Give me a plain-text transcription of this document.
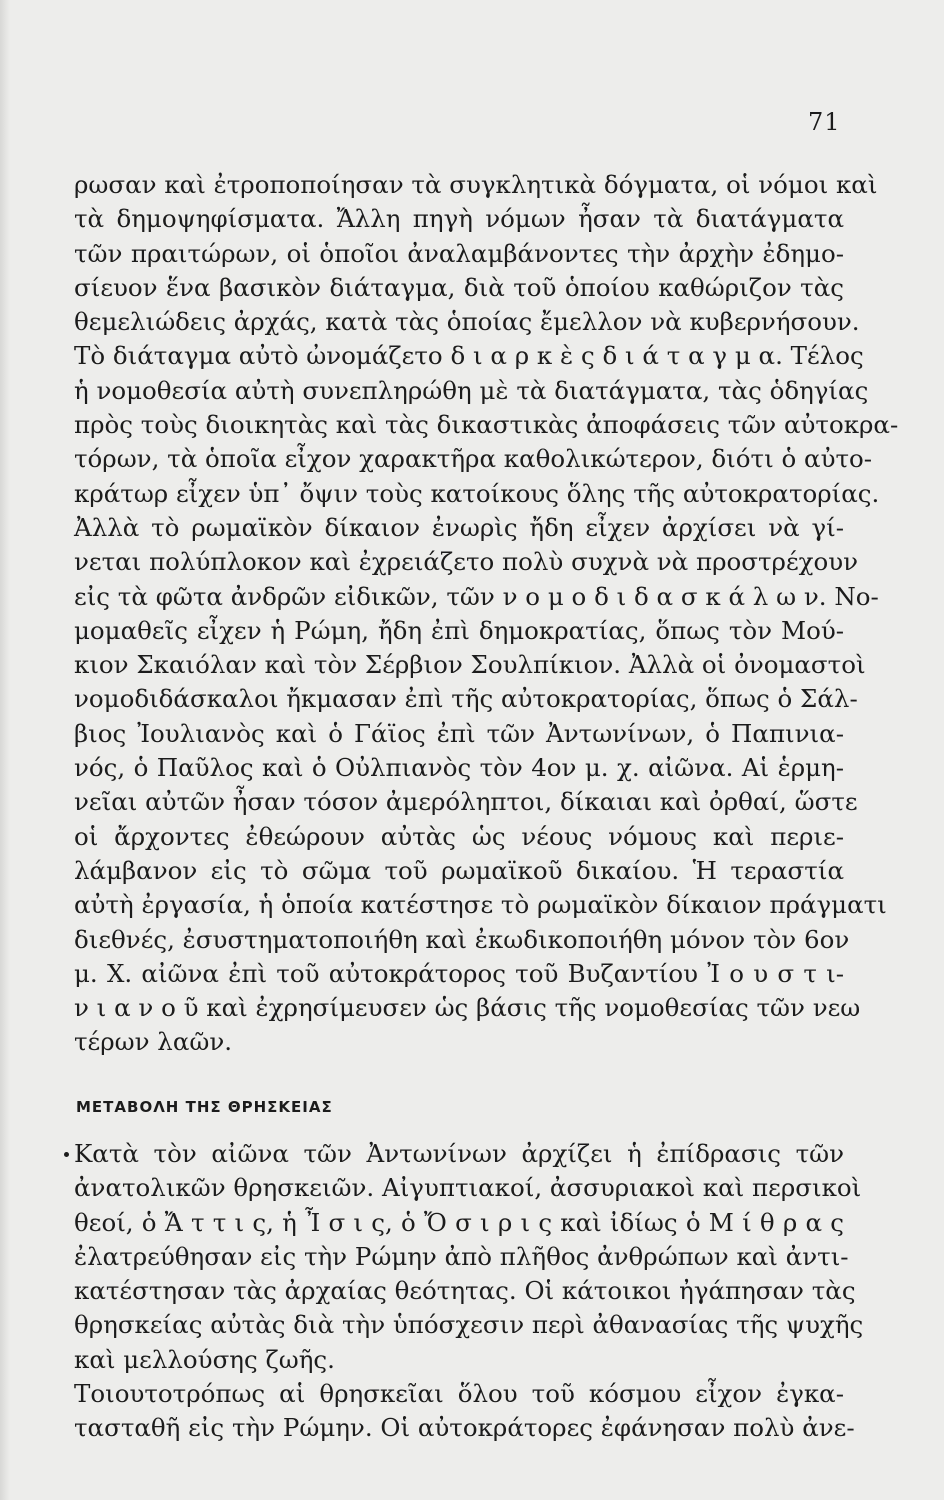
71
ρωσαν καὶ ἐτροποποίησαν τὰ συγκλητικὰ δόγματα, οἱ νόμοι καὶ
τὰ δημοψηφίσματα. Ἄλλη πηγὴ νόμων ἦσαν τὰ διατάγματα
τῶν πραιτώρων, οἱ ὁποῖοι ἀναλαμβάνοντες τὴν ἀρχὴν ἐδημο-
σίευον ἕνα βασικὸν διάταγμα, διὰ τοῦ ὁποίου καθώριζον τὰς
θεμελιώδεις ἀρχάς, κατὰ τὰς ὁποίας ἔμελλον νὰ κυβερνήσουν.
Τὸ διάταγμα αὐτὸ ὠνομάζετο δ ι α ρ κ ὲ ς δ ι ά τ α γ μ α. Τέλος
ἡ νομοθεσία αὐτὴ συνεπληρώθη μὲ τὰ διατάγματα, τὰς ὁδηγίας
πρὸς τοὺς διοικητὰς καὶ τὰς δικαστικὰς ἀποφάσεις τῶν αὐτοκρα-
τόρων, τὰ ὁποῖα εἶχον χαρακτῆρα καθολικώτερον, διότι ὁ αὐτο-
κράτωρ εἶχεν ὑπ᾿ ὄψιν τοὺς κατοίκους ὅλης τῆς αὐτοκρατορίας.
Ἀλλὰ τὸ ρωμαϊκὸν δίκαιον ἐνωρὶς ἤδη εἶχεν ἀρχίσει νὰ γί-
νεται πολύπλοκον καὶ ἐχρειάζετο πολὺ συχνὰ νὰ προστρέχουν
εἰς τὰ φῶτα ἀνδρῶν εἰδικῶν, τῶν ν ο μ ο δ ι δ α σ κ ά λ ω ν. Νο-
μομαθεῖς εἶχεν ἡ Ρώμη, ἤδη ἐπὶ δημοκρατίας, ὅπως τὸν Μού-
κιον Σκαιόλαν καὶ τὸν Σέρβιον Σουλπίκιον. Ἀλλὰ οἱ ὀνομαστοὶ
νομοδιδάσκαλοι ἤκμασαν ἐπὶ τῆς αὐτοκρατορίας, ὅπως ὁ Σάλ-
βιος Ἰουλιανὸς καὶ ὁ Γάϊος ἐπὶ τῶν Ἀντωνίνων, ὁ Παπινια-
νός, ὁ Παῦλος καὶ ὁ Οὐλπιανὸς τὸν 4ον μ. χ. αἰῶνα. Αἱ ἑρμη-
νεῖαι αὐτῶν ἦσαν τόσον ἀμερόληπτοι, δίκαιαι καὶ ὀρθαί, ὥστε
οἱ ἄρχοντες ἐθεώρουν αὐτὰς ὡς νέους νόμους καὶ περιε-
λάμβανον εἰς τὸ σῶμα τοῦ ρωμαϊκοῦ δικαίου. Ἡ τεραστία
αὐτὴ ἐργασία, ἡ ὁποία κατέστησε τὸ ρωμαϊκὸν δίκαιον πράγματι
διεθνές, ἐσυστηματοποιήθη καὶ ἐκωδικοποιήθη μόνον τὸν 6ον
μ. Χ. αἰῶνα ἐπὶ τοῦ αὐτοκράτορος τοῦ Βυζαντίου Ἰ ο υ σ τ ι-
ν ι α ν ο ῦ καὶ ἐχρησίμευσεν ὡς βάσις τῆς νομοθεσίας τῶν νεω
τέρων λαῶν.
ΜΕΤΑΒΟΛΗ ΤΗΣ ΘΡΗΣΚΕΙΑΣ
Κατὰ τὸν αἰῶνα τῶν Ἀντωνίνων ἀρχίζει ἡ ἐπίδρασις τῶν
ἀνατολικῶν θρησκειῶν. Αἰγυπτιακοί, ἀσσυριακοὶ καὶ περσικοὶ
θεοί, ὁ Ἄ τ τ ι ς, ἡ Ἶ σ ι ς, ὁ Ὄ σ ι ρ ι ς καὶ ἰδίως ὁ Μ ί θ ρ α ς
ἐλατρεύθησαν εἰς τὴν Ρώμην ἀπὸ πλῆθος ἀνθρώπων καὶ ἀντι-
κατέστησαν τὰς ἀρχαίας θεότητας. Οἱ κάτοικοι ἠγάπησαν τὰς
θρησκείας αὐτὰς διὰ τὴν ὑπόσχεσιν περὶ ἀθανασίας τῆς ψυχῆς
καὶ μελλούσης ζωῆς.
Τοιουτοτρόπως αἱ θρησκεῖαι ὅλου τοῦ κόσμου εἶχον ἐγκα-
τασταθῆ εἰς τὴν Ρώμην. Οἱ αὐτοκράτορες ἐφάνησαν πολὺ ἀνε-
